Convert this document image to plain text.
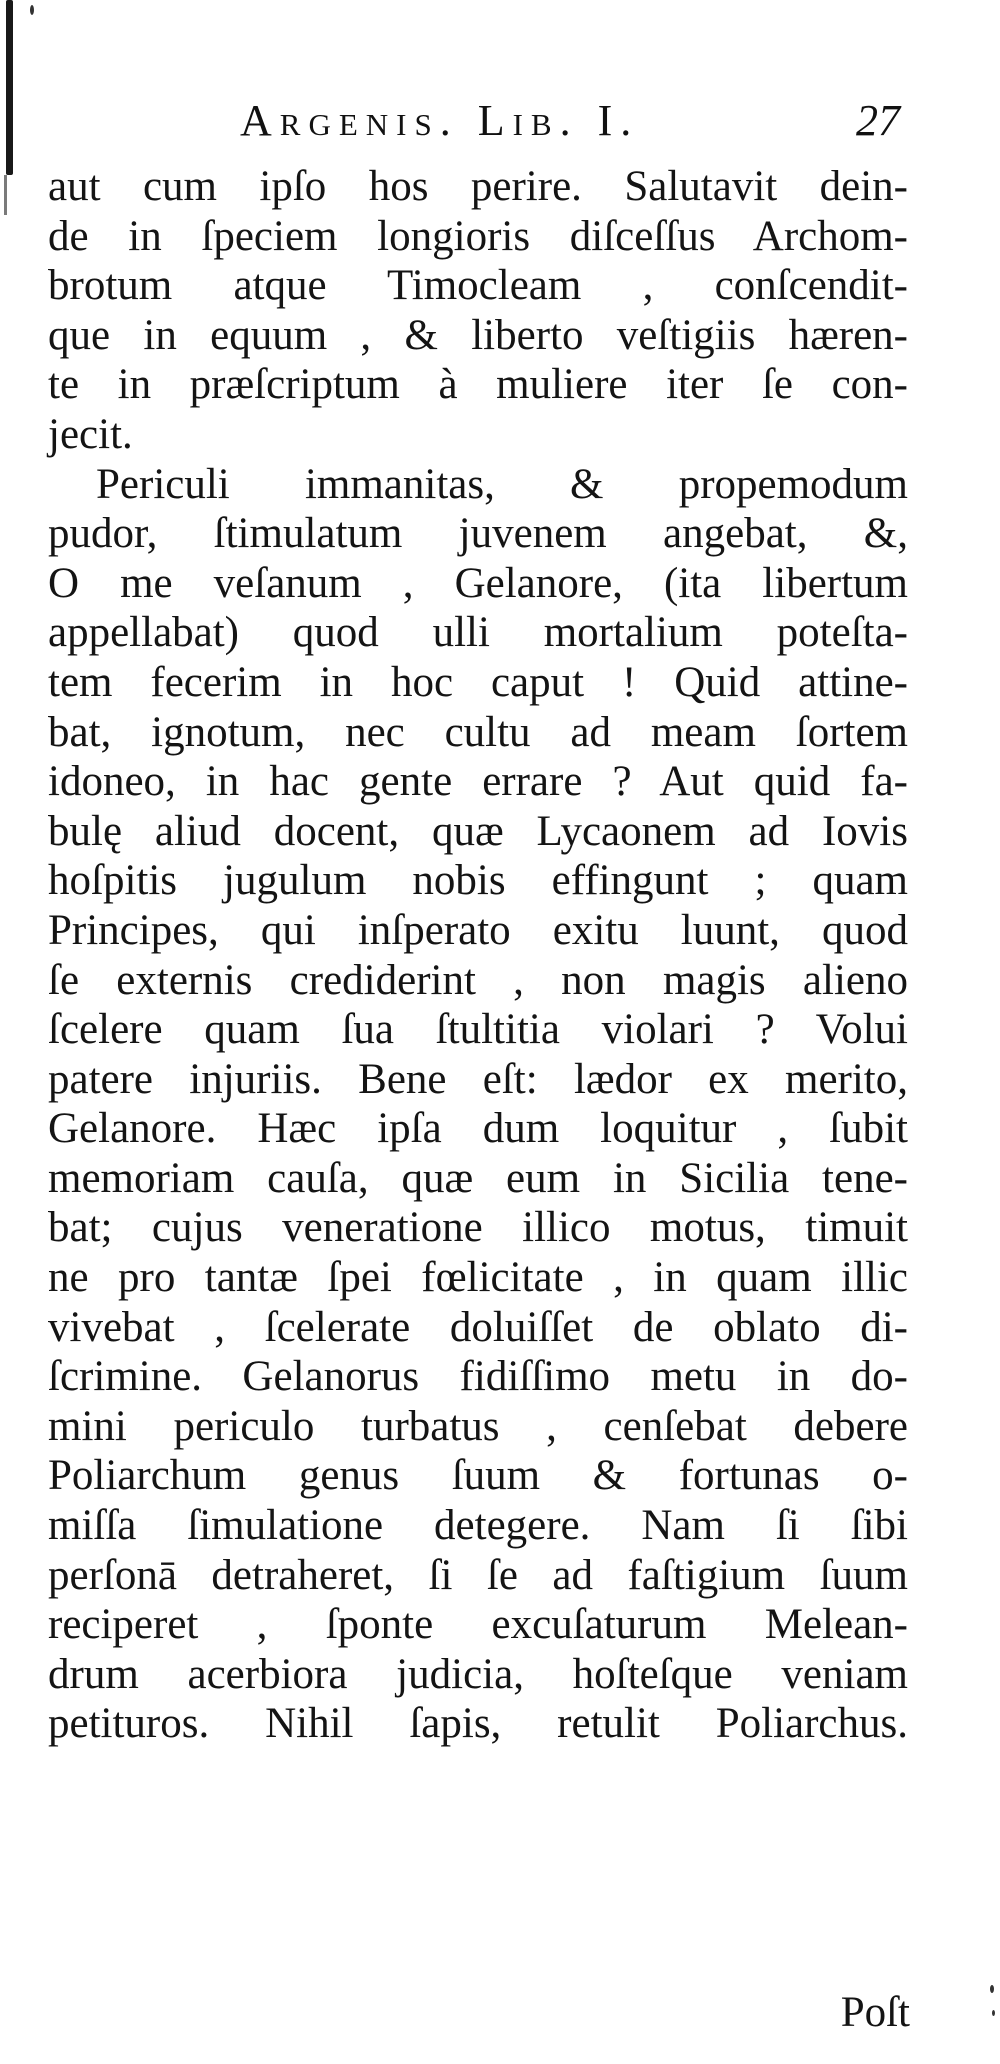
Argenis. Lib. I.	27
aut cum ipſo hos perire. Salutavit dein-
de in ſpeciem longioris diſceſſus Archom-
brotum atque Timocleam , conſcendit-
que in equum , & liberto veſtigiis hæren-
te in præſcriptum à muliere iter ſe con-
jecit.
Periculi immanitas, & propemodum
pudor, ſtimulatum juvenem angebat, &,
O me veſanum , Gelanore, (ita libertum
appellabat) quod ulli mortalium poteſta-
tem fecerim in hoc caput ! Quid attine-
bat, ignotum, nec cultu ad meam ſortem
idoneo, in hac gente errare ? Aut quid fa-
bulę aliud docent, quæ Lycaonem ad Iovis
hoſpitis jugulum nobis effingunt ; quam
Principes, qui inſperato exitu luunt, quod
ſe externis crediderint , non magis alieno
ſcelere quam ſua ſtultitia violari ? Volui
patere injuriis. Bene eſt: lædor ex merito,
Gelanore. Hæc ipſa dum loquitur , ſubit
memoriam cauſa, quæ eum in Sicilia tene-
bat; cujus veneratione illico motus, timuit
ne pro tantæ ſpei fœlicitate , in quam illic
vivebat , ſcelerate doluiſſet de oblato di-
ſcrimine. Gelanorus fidiſſimo metu in do-
mini periculo turbatus , cenſebat debere
Poliarchum genus ſuum & fortunas o-
miſſa ſimulatione detegere. Nam ſi ſibi
perſonā detraheret, ſi ſe ad faſtigium ſuum
reciperet , ſponte excuſaturum Melean-
drum acerbiora judicia, hoſteſque veniam
petituros. Nihil ſapis, retulit Poliarchus.
Poſt
